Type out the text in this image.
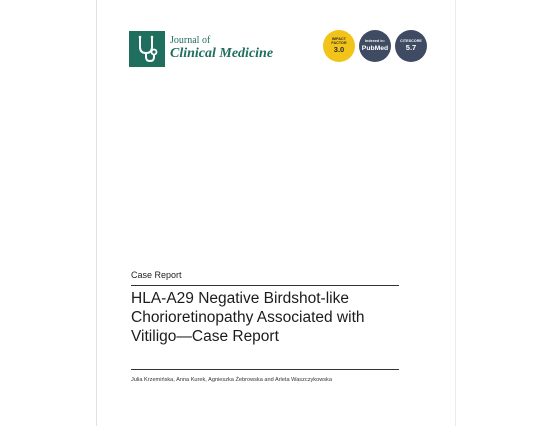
Journal of
Clinical Medicine
IMPACT
FACTOR
3.0
Indexed in:
PubMed
CITESCORE
5.7
Case Report
HLA-A29 Negative Birdshot-like
Chorioretinopathy Associated with
Vitiligo—Case Report
Julia Krzemińska, Anna Kurek, Agnieszka Żebrowska and Arleta Waszczykowska
